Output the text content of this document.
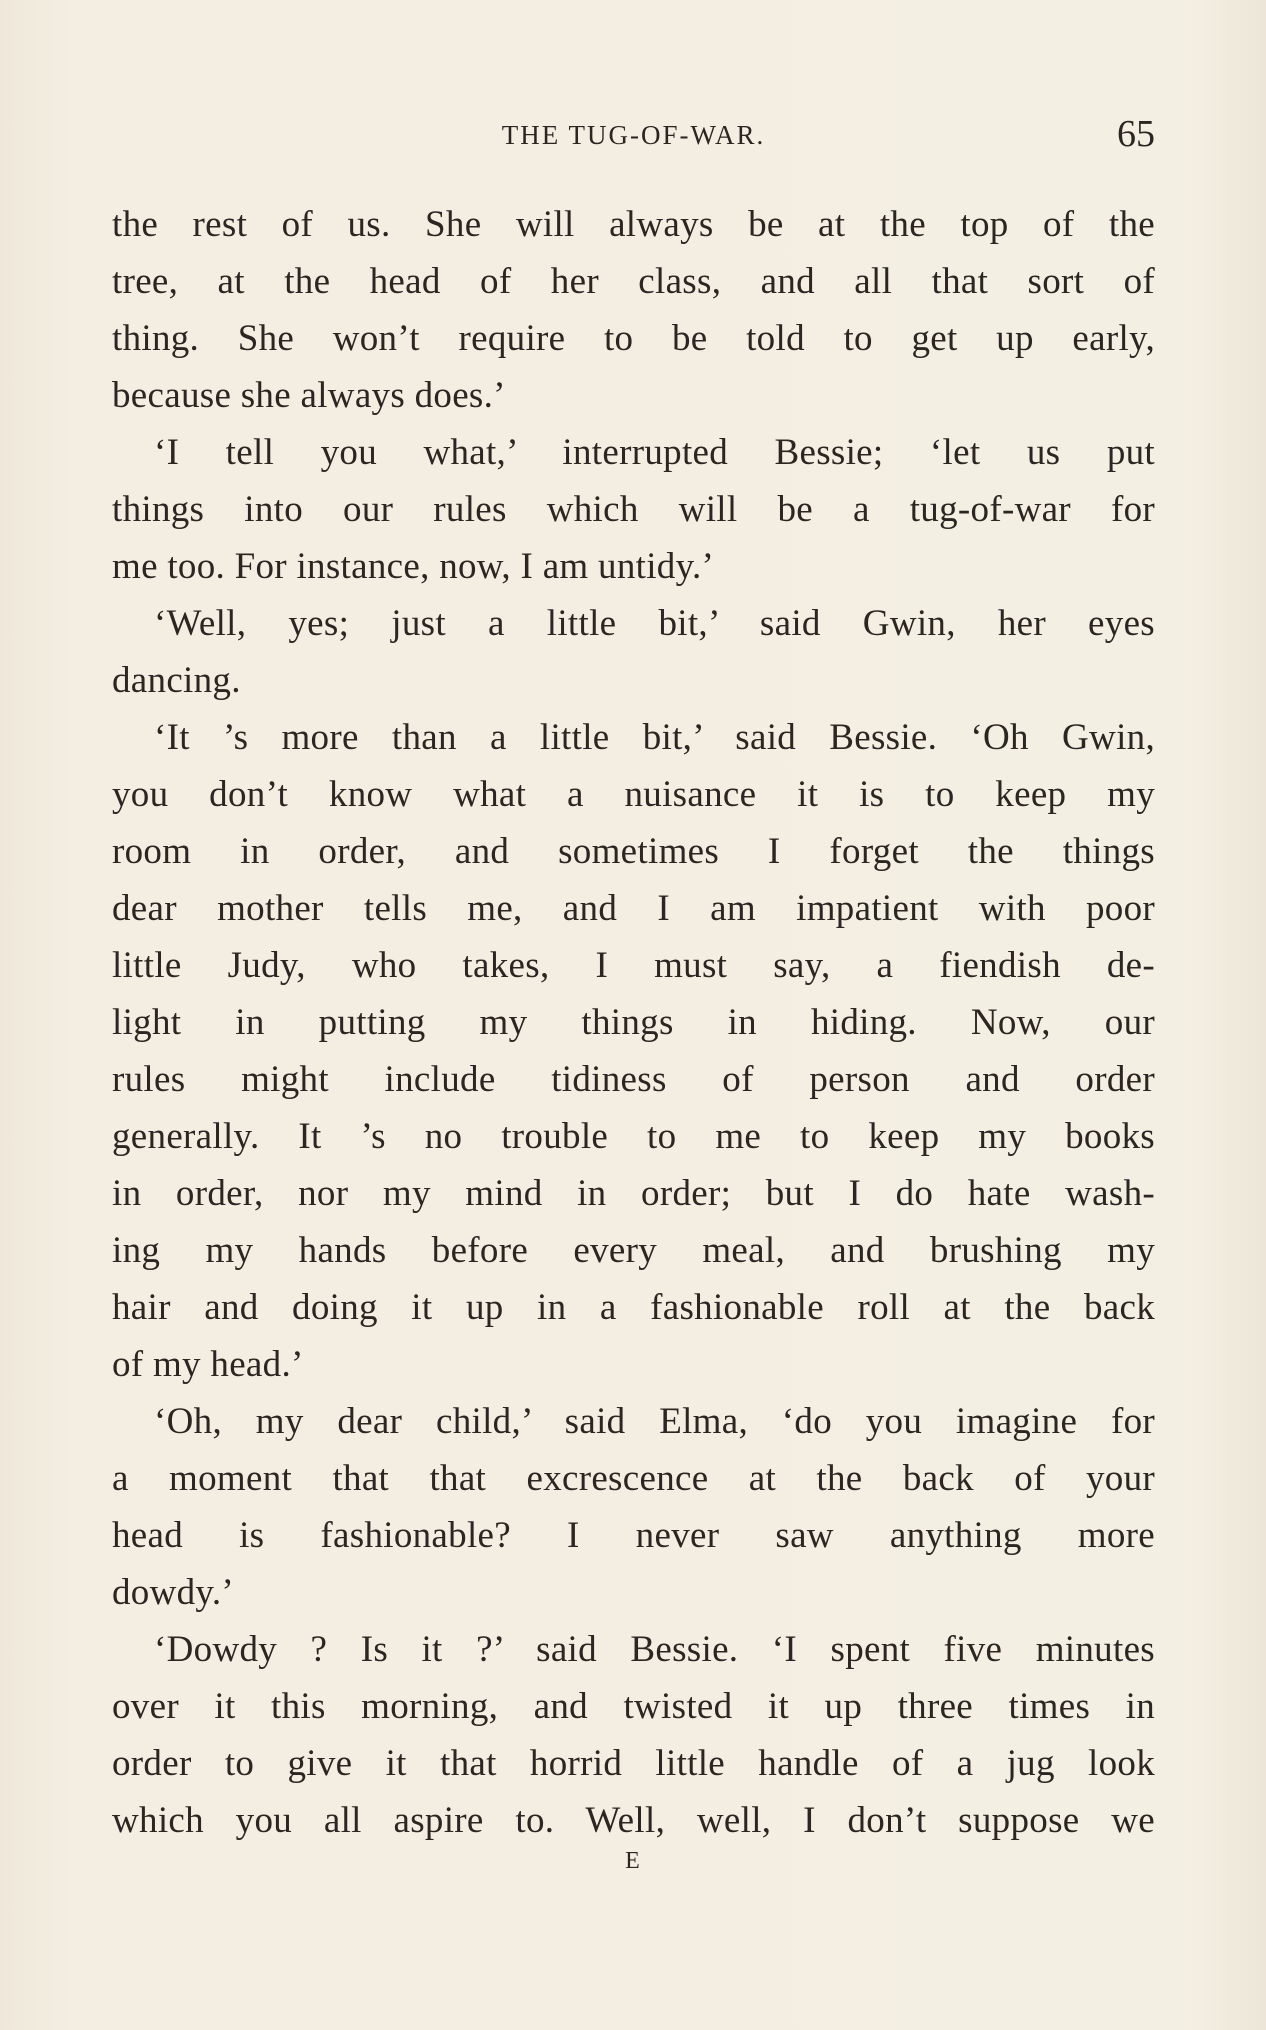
THE TUG-OF-WAR.	65
the rest of us. She will always be at the top of the
tree, at the head of her class, and all that sort of
thing. She won’t require to be told to get up early,
because she always does.’
‘I tell you what,’ interrupted Bessie; ‘let us put
things into our rules which will be a tug-of-war for
me too. For instance, now, I am untidy.’
‘Well, yes; just a little bit,’ said Gwin, her eyes
dancing.
‘It ’s more than a little bit,’ said Bessie. ‘Oh Gwin,
you don’t know what a nuisance it is to keep my
room in order, and sometimes I forget the things
dear mother tells me, and I am impatient with poor
little Judy, who takes, I must say, a fiendish de-
light in putting my things in hiding. Now, our
rules might include tidiness of person and order
generally. It ’s no trouble to me to keep my books
in order, nor my mind in order; but I do hate wash-
ing my hands before every meal, and brushing my
hair and doing it up in a fashionable roll at the back
of my head.’
‘Oh, my dear child,’ said Elma, ‘do you imagine for
a moment that that excrescence at the back of your
head is fashionable? I never saw anything more
dowdy.’
‘Dowdy ? Is it ?’ said Bessie. ‘I spent five minutes
over it this morning, and twisted it up three times in
order to give it that horrid little handle of a jug look
which you all aspire to. Well, well, I don’t suppose we
E
